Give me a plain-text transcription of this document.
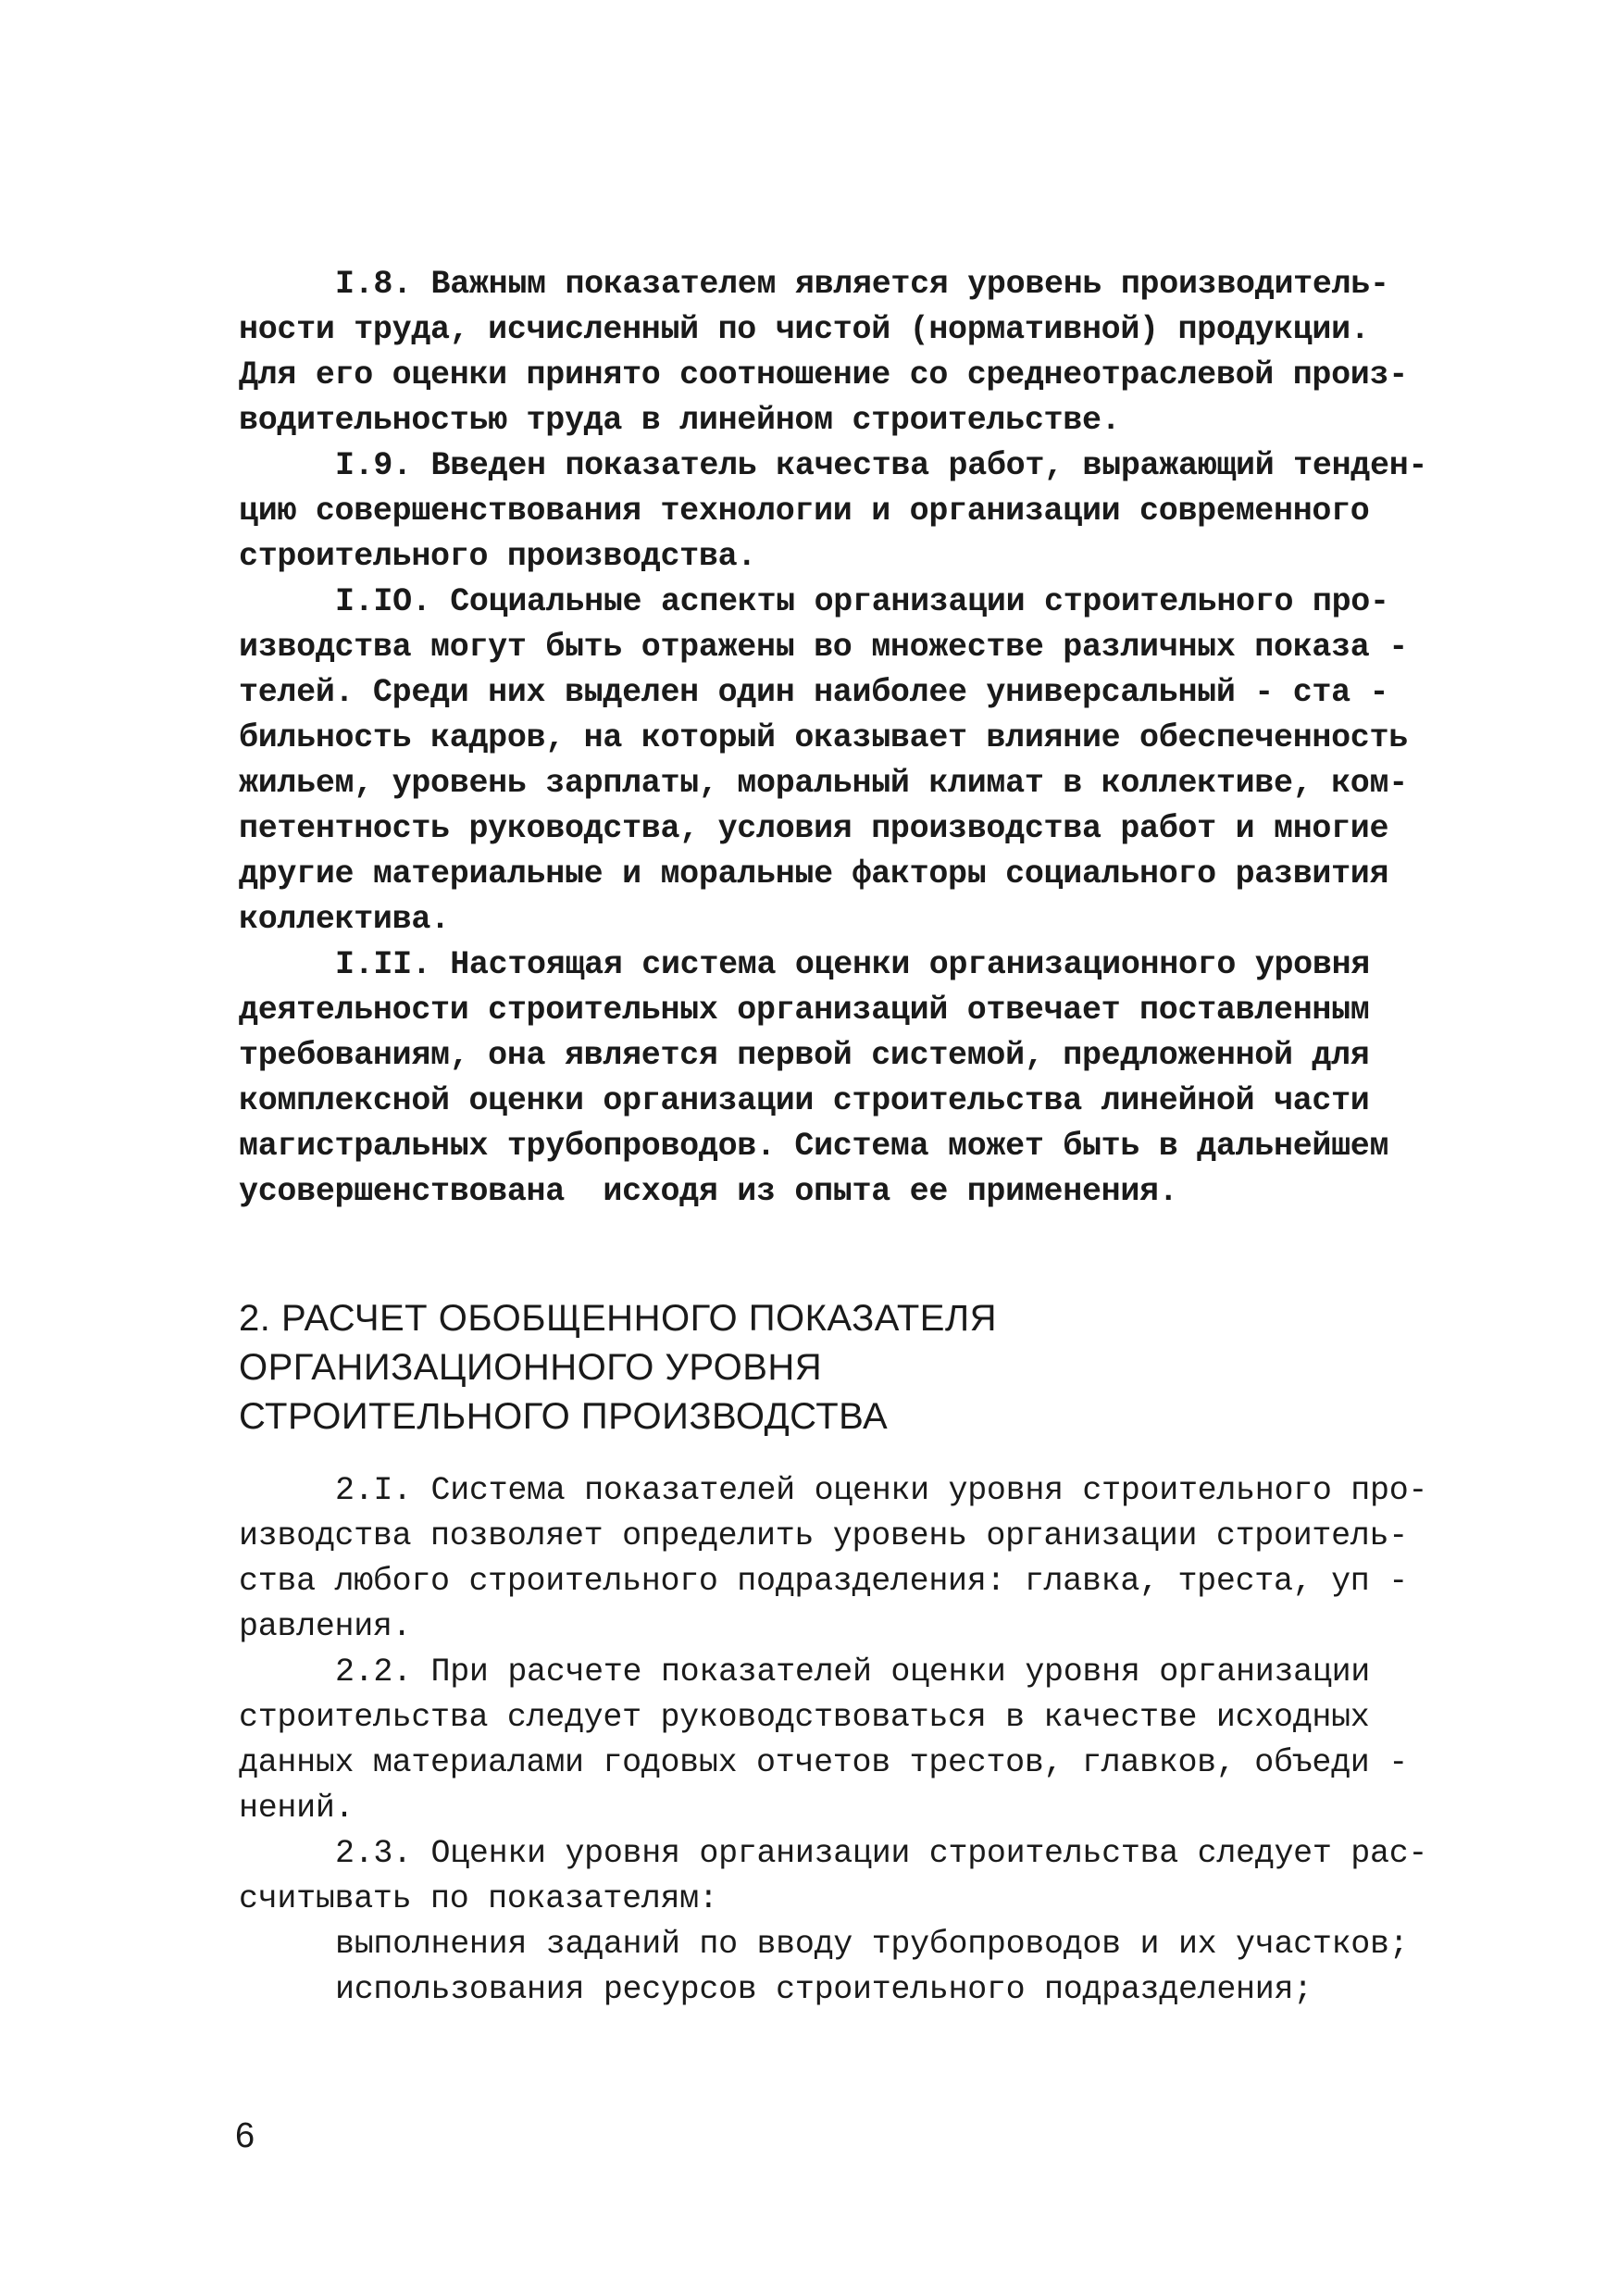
I.8. Важным показателем является уровень производитель-
ности труда, исчисленный по чистой (нормативной) продукции.
Для его оценки принято соотношение со среднеотраслевой произ-
водительностью труда в линейном строительстве.
I.9. Введен показатель качества работ, выражающий тенден-
цию совершенствования технологии и организации современного
строительного производства.
I.IO. Социальные аспекты организации строительного про-
изводства могут быть отражены во множестве различных показа -
телей. Среди них выделен один наиболее универсальный - ста -
бильность кадров, на который оказывает влияние обеспеченность
жильем, уровень зарплаты, моральный климат в коллективе, ком-
петентность руководства, условия производства работ и многие
другие материальные и моральные факторы социального развития
коллектива.
I.II. Настоящая система оценки организационного уровня
деятельности строительных организаций отвечает поставленным
требованиям, она является первой системой, предложенной для
комплексной оценки организации строительства линейной части
магистральных трубопроводов. Система может быть в дальнейшем
усовершенствована  исходя из опыта ее применения.
2. РАСЧЕТ ОБОБЩЕННОГО ПОКАЗАТЕЛЯ
ОРГАНИЗАЦИОННОГО УРОВНЯ
СТРОИТЕЛЬНОГО ПРОИЗВОДСТВА
2.I. Система показателей оценки уровня строительного про-
изводства позволяет определить уровень организации строитель-
ства любого строительного подразделения: главка, треста, уп -
равления.
2.2. При расчете показателей оценки уровня организации
строительства следует руководствоваться в качестве исходных
данных материалами годовых отчетов трестов, главков, объеди -
нений.
2.3. Оценки уровня организации строительства следует рас-
считывать по показателям:
выполнения заданий по вводу трубопроводов и их участков;
использования ресурсов строительного подразделения;
6
